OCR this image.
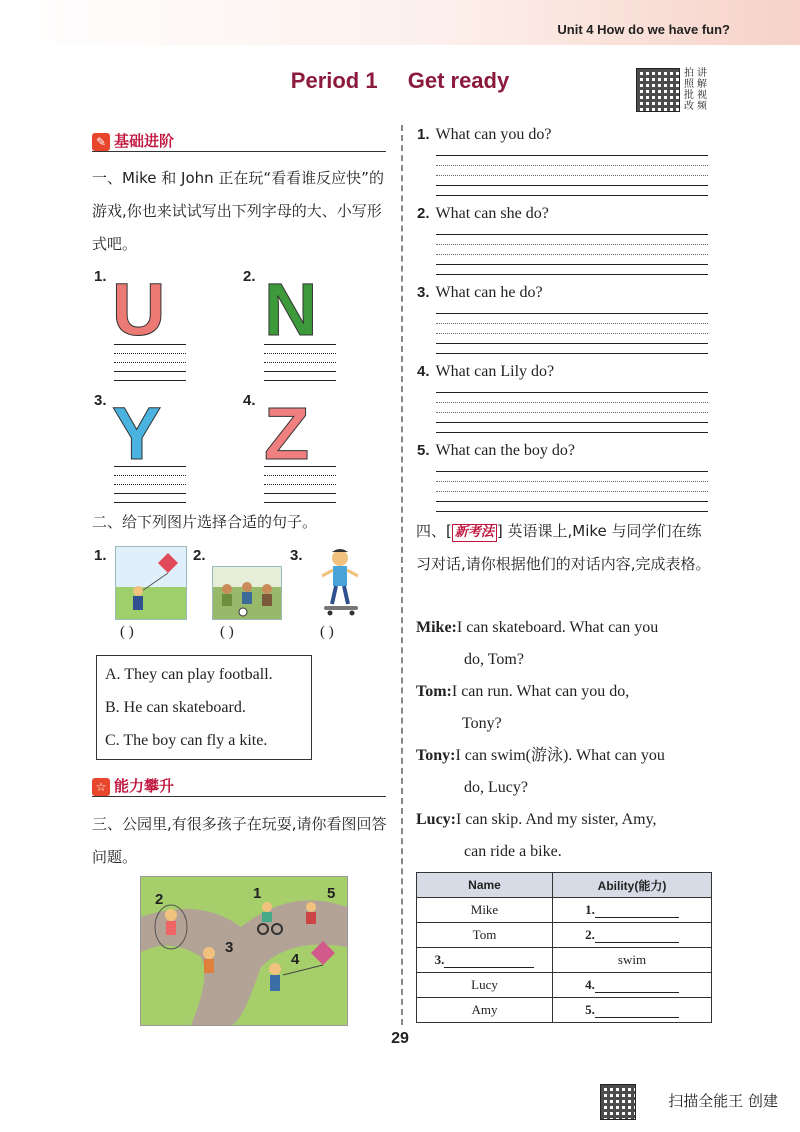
Unit 4 How do we have fun?
Period 1 Get ready	拍
照
批
改
讲
解
视
频
✎ 基础进阶
一、Mike 和 John 正在玩“看看谁反应快”的游戏,你也来试试写出下列字母的大、小写形式吧。
1. U	2. N
3. Y	4. Z
二、给下列图片选择合适的句子。
1.	2.	3.
( )	( )	( )
A. They can play football.
B. He can skateboard.
C. The boy can fly a kite.
☆ 能力攀升
三、公园里,有很多孩子在玩耍,请你看图回答问题。
2	1	5
3
4
1. What can you do?
2. What can she do?
3. What can he do?
4. What can Lily do?
5. What can the boy do?
四、[ 新考法 ] 英语课上,Mike 与同学们在练习对话,请你根据他们的对话内容,完成表格。
Mike:I can skateboard. What can you
do, Tom?
Tom:I can run. What can you do,
Tony?
Tony:I can swim(游泳). What can you
do, Lucy?
Lucy:I can skip. And my sister, Amy,
can ride a bike.
Name	Ability(能力)
Mike	1.
Tom	2.
3.	swim
Lucy	4.
Amy	5.
29
扫描全能王 创建
